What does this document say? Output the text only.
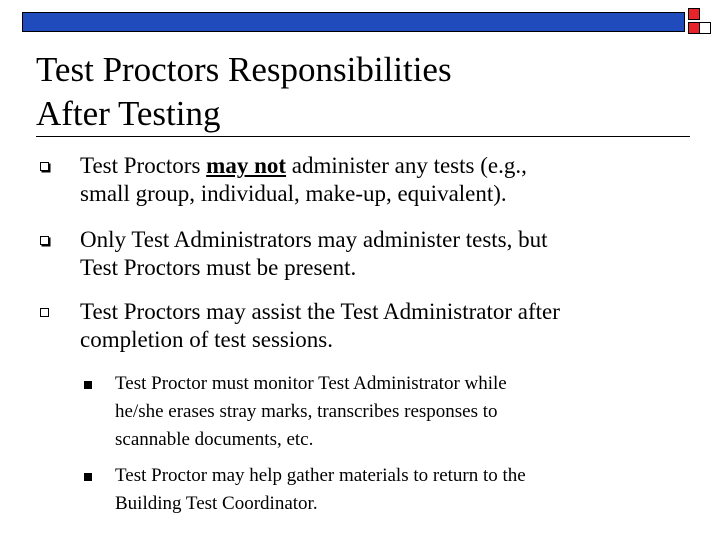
Test Proctors Responsibilities
After Testing
Test Proctors may not administer any tests (e.g.,
small group, individual, make-up, equivalent).
Only Test Administrators may administer tests, but
Test Proctors must be present.
Test Proctors may assist the Test Administrator after
completion of test sessions.
Test Proctor must monitor Test Administrator while
he/she erases stray marks, transcribes responses to
scannable documents, etc.
Test Proctor may help gather materials to return to the
Building Test Coordinator.
